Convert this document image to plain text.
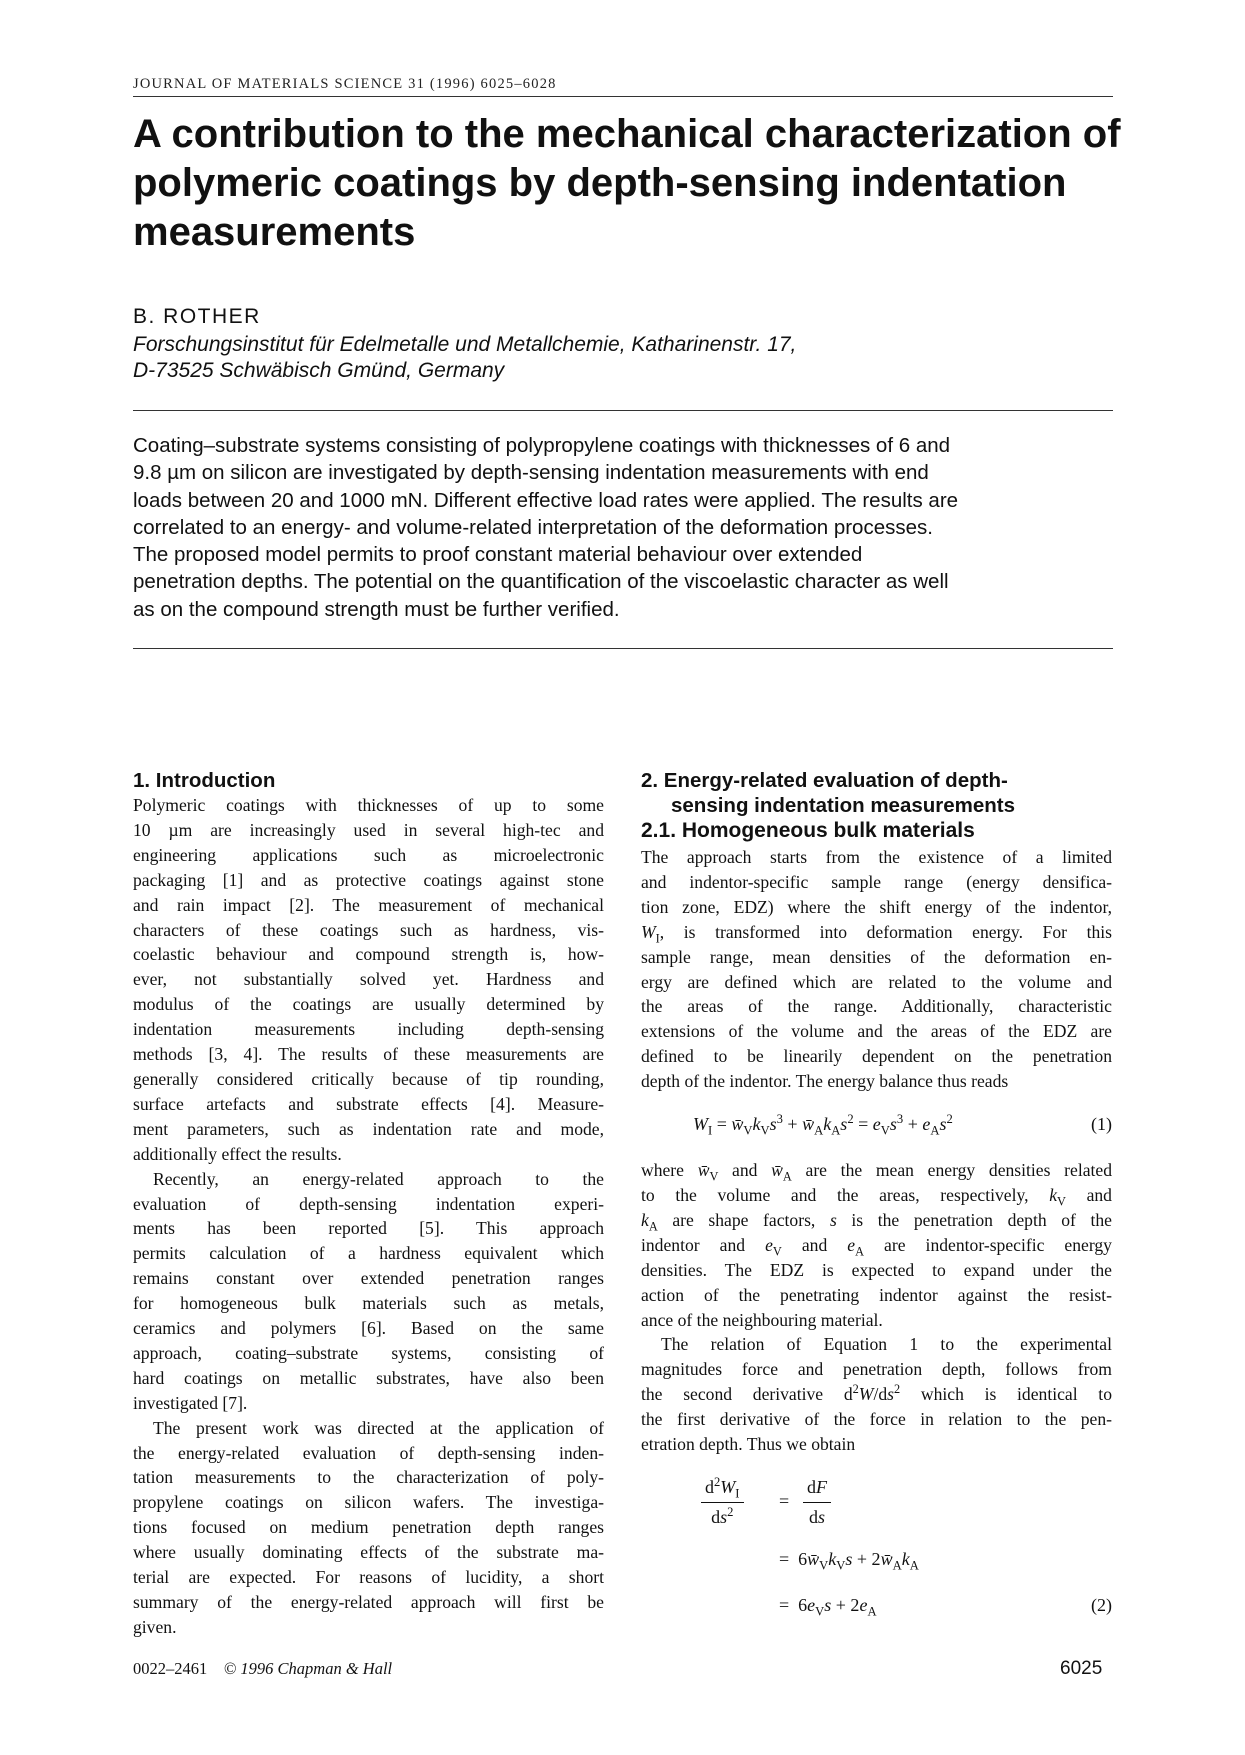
JOURNAL OF MATERIALS SCIENCE 31 (1996) 6025–6028
A contribution to the mechanical characterization of polymeric coatings by depth-sensing indentation measurements
B. ROTHER
Forschungsinstitut für Edelmetalle und Metallchemie, Katharinenstr. 17,
D-73525 Schwäbisch Gmünd, Germany
Coating–substrate systems consisting of polypropylene coatings with thicknesses of 6 and
9.8 µm on silicon are investigated by depth-sensing indentation measurements with end
loads between 20 and 1000 mN. Different effective load rates were applied. The results are
correlated to an energy- and volume-related interpretation of the deformation processes.
The proposed model permits to proof constant material behaviour over extended
penetration depths. The potential on the quantification of the viscoelastic character as well
as on the compound strength must be further verified.
1. Introduction

Polymeric coatings with thicknesses of up to some
10 µm are increasingly used in several high-tec and
engineering applications such as microelectronic
packaging [1] and as protective coatings against stone
and rain impact [2]. The measurement of mechanical
characters of these coatings such as hardness, vis-
coelastic behaviour and compound strength is, how-
ever, not substantially solved yet. Hardness and
modulus of the coatings are usually determined by
indentation measurements including depth-sensing
methods [3, 4]. The results of these measurements are
generally considered critically because of tip rounding,
surface artefacts and substrate effects [4]. Measure-
ment parameters, such as indentation rate and mode,
additionally effect the results.

Recently, an energy-related approach to the
evaluation of depth-sensing indentation experi-
ments has been reported [5]. This approach
permits calculation of a hardness equivalent which
remains constant over extended penetration ranges
for homogeneous bulk materials such as metals,
ceramics and polymers [6]. Based on the same
approach, coating–substrate systems, consisting of
hard coatings on metallic substrates, have also been
investigated [7].

The present work was directed at the application of
the energy-related evaluation of depth-sensing inden-
tation measurements to the characterization of poly-
propylene coatings on silicon wafers. The investiga-
tions focused on medium penetration depth ranges
where usually dominating effects of the substrate ma-
terial are expected. For reasons of lucidity, a short
summary of the energy-related approach will first be
given.

2. Energy-related evaluation of depth-
sensing indentation measurements
2.1. Homogeneous bulk materials

The approach starts from the existence of a limited
and indentor-specific sample range (energy densifica-
tion zone, EDZ) where the shift energy of the indentor,
$W_I$, is transformed into deformation energy. For this
sample range, mean densities of the deformation en-
ergy are defined which are related to the volume and
the areas of the range. Additionally, characteristic
extensions of the volume and the areas of the EDZ are
defined to be linearily dependent on the penetration
depth of the indentor. The energy balance thus reads

$W_I$ = $w̄_Vk_Vs^3$ + $w̄_Ak_As^2 = e_Vs^3 + e_As^2$	(1)

where $w̄_V$ and $w̄_A$ are the mean energy densities related
to the volume and the areas, respectively, $k_V$ and
$k_A$ are shape factors, s is the penetration depth of the
indentor and $e_V$ and $e_A$ are indentor-specific energy
densities. The EDZ is expected to expand under the
action of the penetrating indentor against the resist-
ance of the neighbouring material.

The relation of Equation 1 to the experimental
magnitudes force and penetration depth, follows from
the second derivative $d^2W/ds^2$ which is identical to
the first derivative of the force in relation to the pen-
etration depth. Thus we obtain

$\frac{d^2W_I}{ds^2} = \frac{dF}{ds}$
=  $6w̄_Vk_Vs$ + $2w̄_Ak_A$
=  $6e_Vs + 2e_A$	(2)
0022–2461 © 1996 Chapman & Hall	6025
